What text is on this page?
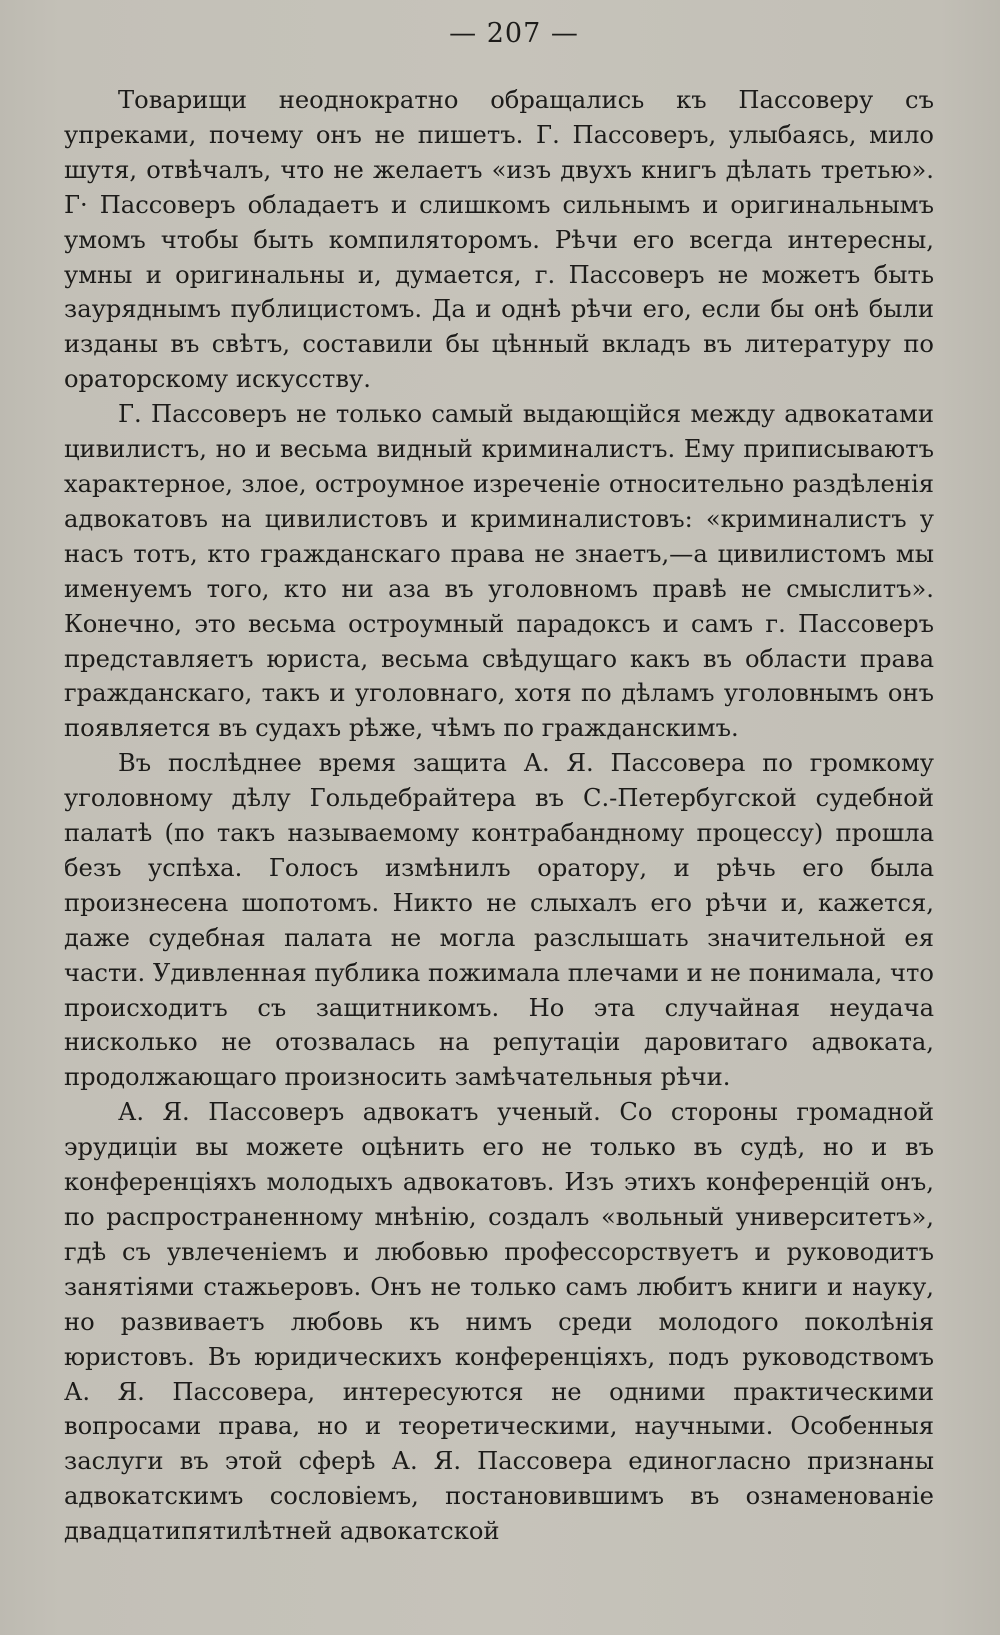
— 207 —

Товарищи неоднократно обращались къ Пассоверу съ упреками, почему онъ не пишетъ. Г. Пассоверъ, улыбаясь, мило шутя, отвѣчалъ, что не желаетъ «изъ двухъ книгъ дѣлать третью». Г· Пассоверъ обладаетъ и слишкомъ сильнымъ и оригинальнымъ умомъ чтобы быть компиляторомъ. Рѣчи его всегда интересны, умны и оригинальны и, думается, г. Пассоверъ не можетъ быть зауряднымъ публицистомъ. Да и однѣ рѣчи его, если бы онѣ были изданы въ свѣтъ, составили бы цѣнный вкладъ въ литературу по ораторскому искусству.

Г. Пассоверъ не только самый выдающійся между адвокатами цивилистъ, но и весьма видный криминалистъ. Ему приписываютъ характерное, злое, остроумное изреченіе относительно раздѣленія адвокатовъ на цивилистовъ и криминалистовъ: «криминалистъ у насъ тотъ, кто гражданскаго права не знаетъ,—а цивилистомъ мы именуемъ того, кто ни аза въ уголовномъ правѣ не смыслитъ». Конечно, это весьма остроумный парадоксъ и самъ г. Пассоверъ представляетъ юриста, весьма свѣдущаго какъ въ области права гражданскаго, такъ и уголовнаго, хотя по дѣламъ уголовнымъ онъ появляется въ судахъ рѣже, чѣмъ по гражданскимъ.

Въ послѣднее время защита А. Я. Пассовера по громкому уголовному дѣлу Гольдебрайтера въ С.-Петербугской судебной палатѣ (по такъ называемому контрабандному процессу) прошла безъ успѣха. Голосъ измѣнилъ оратору, и рѣчь его была произнесена шопотомъ. Никто не слыхалъ его рѣчи и, кажется, даже судебная палата не могла разслышать значительной ея части. Удивленная публика пожимала плечами и не понимала, что происходитъ съ защитникомъ. Но эта случайная неудача нисколько не отозвалась на репутаціи даровитаго адвоката, продолжающаго произносить замѣчательныя рѣчи.

А. Я. Пассоверъ адвокатъ ученый. Со стороны громадной эрудиціи вы можете оцѣнить его не только въ судѣ, но и въ конференціяхъ молодыхъ адвокатовъ. Изъ этихъ конференцій онъ, по распространенному мнѣнію, создалъ «вольный университетъ», гдѣ съ увлеченіемъ и любовью профессорствуетъ и руководитъ занятіями стажьеровъ. Онъ не только самъ любитъ книги и науку, но развиваетъ любовь къ нимъ среди молодого поколѣнія юристовъ. Въ юридическихъ конференціяхъ, подъ руководствомъ А. Я. Пассовера, интересуются не одними практическими вопросами права, но и теоретическими, научными. Особенныя заслуги въ этой сферѣ А. Я. Пассовера единогласно признаны адвокатскимъ сословіемъ, постановившимъ въ ознаменованіе двадцатипятилѣтней адвокатской
